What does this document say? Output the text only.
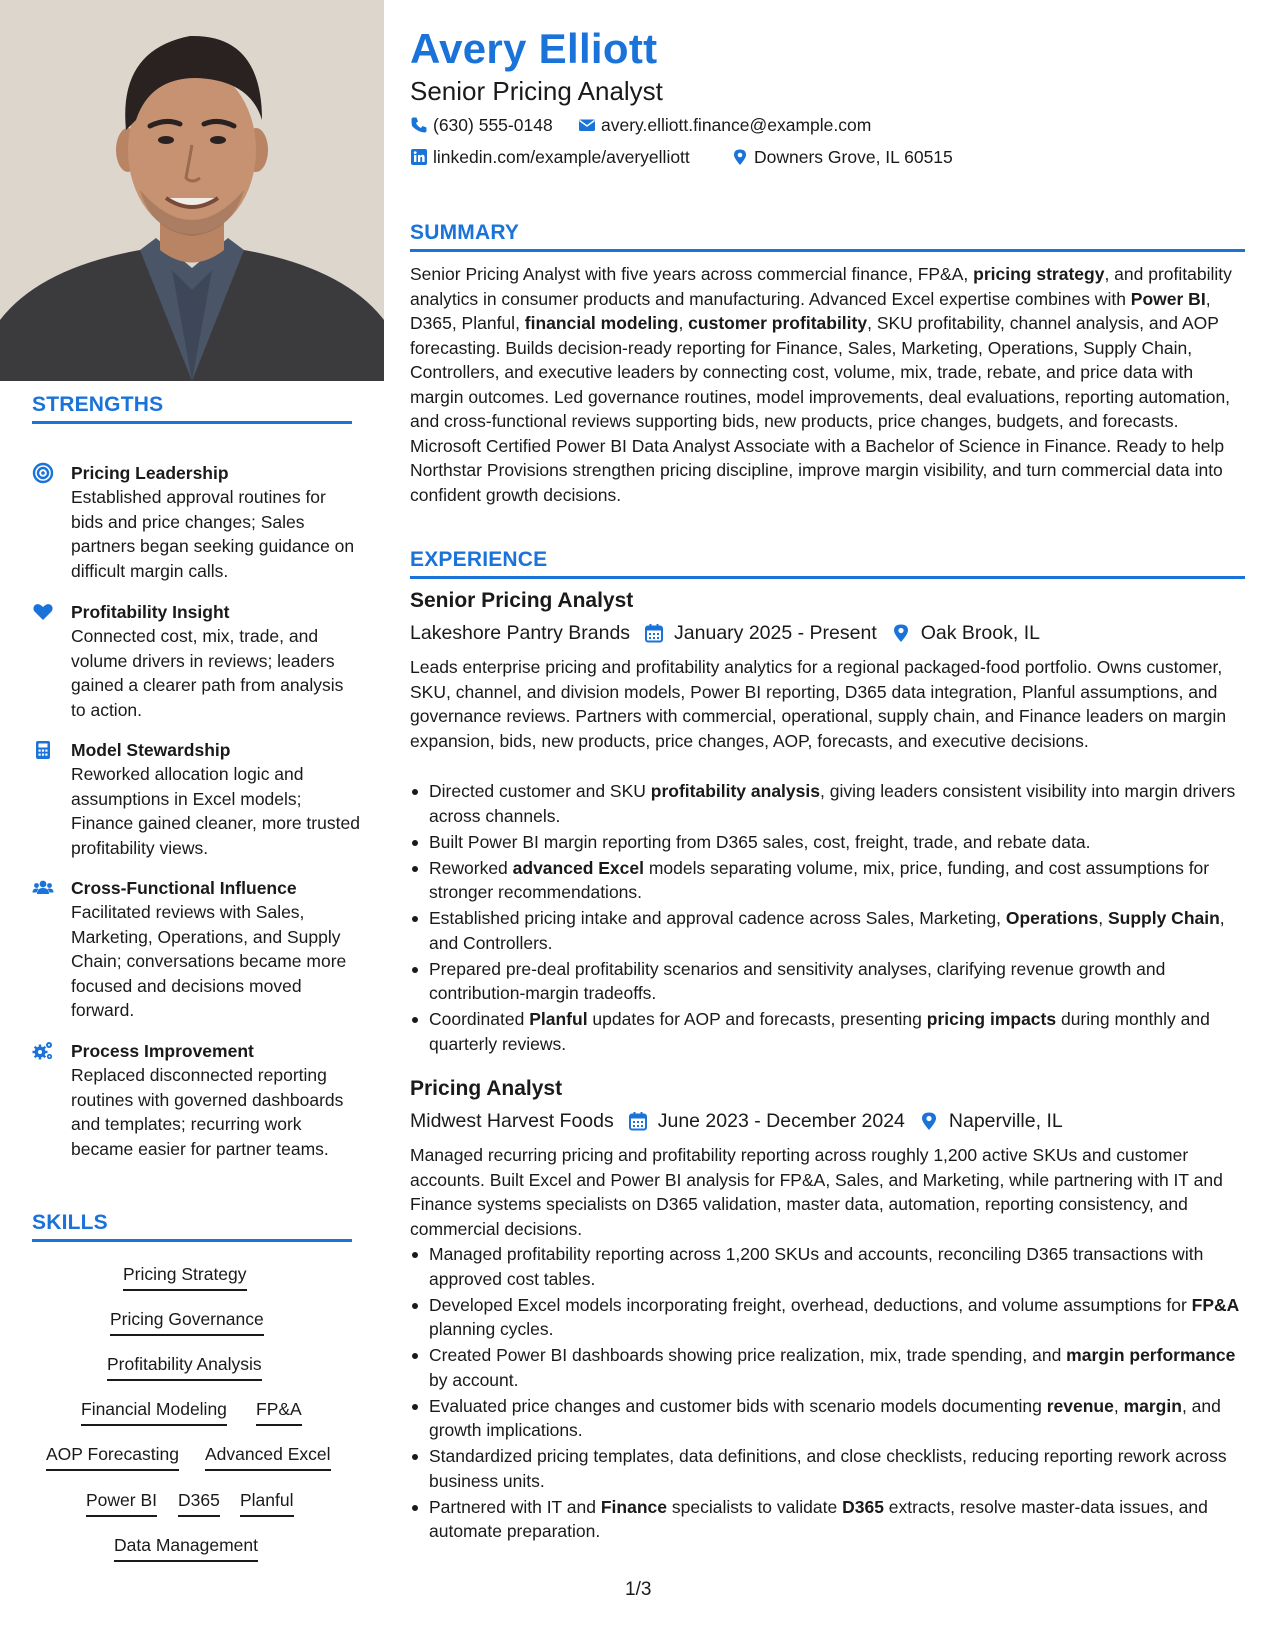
STRENGTHS
Pricing Leadership
Established approval routines for bids and price changes; Sales partners began seeking guidance on difficult margin calls.
Profitability Insight
Connected cost, mix, trade, and volume drivers in reviews; leaders gained a clearer path from analysis to action.
Model Stewardship
Reworked allocation logic and assumptions in Excel models; Finance gained cleaner, more trusted profitability views.
Cross-Functional Influence
Facilitated reviews with Sales, Marketing, Operations, and Supply Chain; conversations became more focused and decisions moved forward.
Process Improvement
Replaced disconnected reporting routines with governed dashboards and templates; recurring work became easier for partner teams.
SKILLS
Pricing Strategy
Pricing Governance
Profitability Analysis
Financial Modeling FP&A
AOP Forecasting Advanced Excel
Power BI D365 Planful
Data Management
Avery Elliott
Senior Pricing Analyst
(630) 555-0148	avery.elliott.finance@example.com
linkedin.com/example/averyelliott	Downers Grove, IL 60515
SUMMARY
Senior Pricing Analyst with five years across commercial finance, FP&A, pricing strategy, and profitability analytics in consumer products and manufacturing. Advanced Excel expertise combines with Power BI, D365, Planful, financial modeling, customer profitability, SKU profitability, channel analysis, and AOP forecasting. Builds decision-ready reporting for Finance, Sales, Marketing, Operations, Supply Chain, Controllers, and executive leaders by connecting cost, volume, mix, trade, rebate, and price data with margin outcomes. Led governance routines, model improvements, deal evaluations, reporting automation, and cross-functional reviews supporting bids, new products, price changes, budgets, and forecasts. Microsoft Certified Power BI Data Analyst Associate with a Bachelor of Science in Finance. Ready to help Northstar Provisions strengthen pricing discipline, improve margin visibility, and turn commercial data into confident growth decisions.
EXPERIENCE
Senior Pricing Analyst
Lakeshore Pantry Brands January 2025 - Present Oak Brook, IL
Leads enterprise pricing and profitability analytics for a regional packaged-food portfolio. Owns customer, SKU, channel, and division models, Power BI reporting, D365 data integration, Planful assumptions, and governance reviews. Partners with commercial, operational, supply chain, and Finance leaders on margin expansion, bids, new products, price changes, AOP, forecasts, and executive decisions.
Directed customer and SKU profitability analysis, giving leaders consistent visibility into margin drivers across channels.
Built Power BI margin reporting from D365 sales, cost, freight, trade, and rebate data.
Reworked advanced Excel models separating volume, mix, price, funding, and cost assumptions for stronger recommendations.
Established pricing intake and approval cadence across Sales, Marketing, Operations, Supply Chain, and Controllers.
Prepared pre-deal profitability scenarios and sensitivity analyses, clarifying revenue growth and contribution-margin tradeoffs.
Coordinated Planful updates for AOP and forecasts, presenting pricing impacts during monthly and quarterly reviews.
Pricing Analyst
Midwest Harvest Foods June 2023 - December 2024 Naperville, IL
Managed recurring pricing and profitability reporting across roughly 1,200 active SKUs and customer accounts. Built Excel and Power BI analysis for FP&A, Sales, and Marketing, while partnering with IT and Finance systems specialists on D365 validation, master data, automation, reporting consistency, and commercial decisions.
Managed profitability reporting across 1,200 SKUs and accounts, reconciling D365 transactions with approved cost tables.
Developed Excel models incorporating freight, overhead, deductions, and volume assumptions for FP&A planning cycles.
Created Power BI dashboards showing price realization, mix, trade spending, and margin performance by account.
Evaluated price changes and customer bids with scenario models documenting revenue, margin, and growth implications.
Standardized pricing templates, data definitions, and close checklists, reducing reporting rework across business units.
Partnered with IT and Finance specialists to validate D365 extracts, resolve master-data issues, and automate preparation.
1/3
